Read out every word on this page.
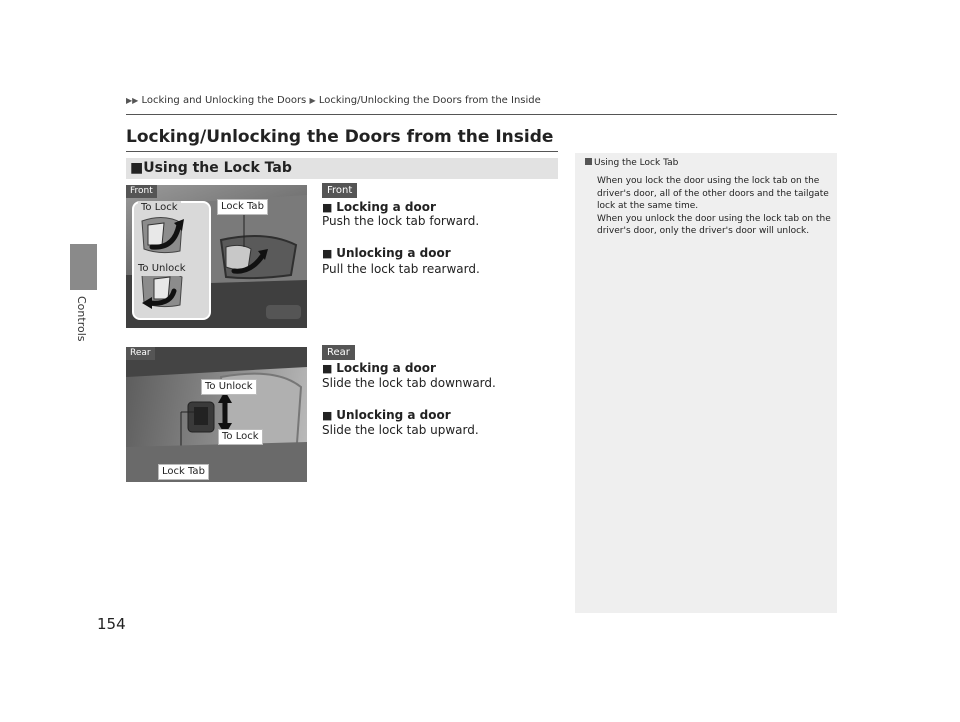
Controls
154
▶▶ Locking and Unlocking the Doors ▶ Locking/Unlocking the Doors from the Inside
Locking/Unlocking the Doors from the Inside
■Using the Lock Tab
Front
To Lock
To Unlock
Lock Tab
Front
■ Locking a door
Push the lock tab forward.
■ Unlocking a door
Pull the lock tab rearward.
Rear
To Unlock
To Lock
Lock Tab
Rear
■ Locking a door
Slide the lock tab downward.
■ Unlocking a door
Slide the lock tab upward.
Using the Lock Tab

When you lock the door using the lock tab on the

driver's door, all of the other doors and the tailgate

lock at the same time.

When you unlock the door using the lock tab on the

driver's door, only the driver's door will unlock.
